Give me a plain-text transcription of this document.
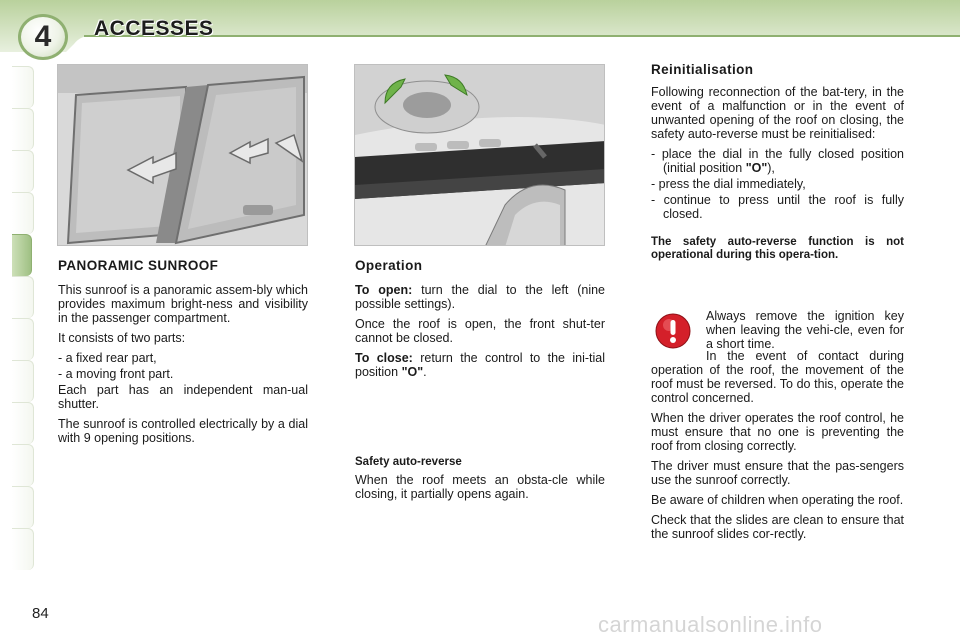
4	ACCESSES
PANORAMIC SUNROOF

This sunroof is a panoramic assem-bly which provides maximum bright-ness and visibility in the passenger compartment.

It consists of two parts:

- a fixed rear part,

- a moving front part.

Each part has an independent man-ual shutter.

The sunroof is controlled electrically by a dial with 9 opening positions.

Operation

To open: turn the dial to the left (nine possible settings).

Once the roof is open, the front shut-ter cannot be closed.

To close: return the control to the ini-tial position "O".

Safety auto-reverse

When the roof meets an obsta-cle while closing, it partially opens again.

Reinitialisation

Following reconnection of the bat-tery, in the event of a malfunction or in the event of unwanted opening of the roof on closing, the safety auto-reverse must be reinitialised:

- place the dial in the fully closed position (initial position "O"),

- press the dial immediately,

- continue to press until the roof is fully closed.

The safety auto-reverse function is not operational during this opera-tion.

Always remove the ignition key when leaving the vehi-cle, even for a short time.

In the event of contact during operation of the roof, the movement of the roof must be reversed. To do this, operate the control concerned.

When the driver operates the roof control, he must ensure that no one is preventing the roof from closing correctly.

The driver must ensure that the pas-sengers use the sunroof correctly.

Be aware of children when operating the roof.

Check that the slides are clean to ensure that the sunroof slides cor-rectly.

84	carmanualsonline.info
